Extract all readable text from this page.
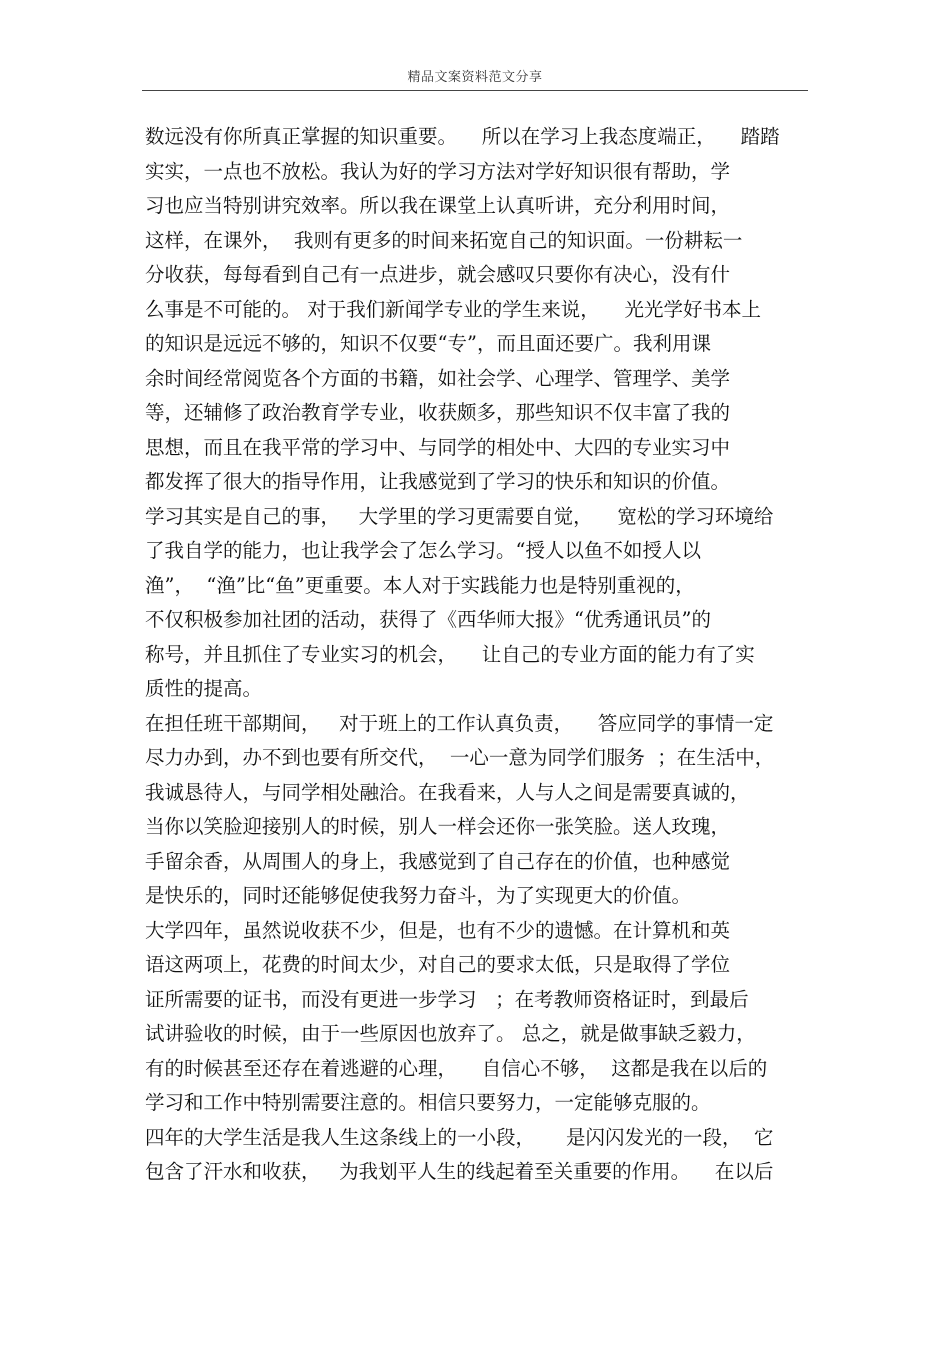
精品文案资料范文分享
数远没有你所真正掌握的知识重要。    所以在学习上我态度端正，    踏踏
实实，一点也不放松。我认为好的学习方法对学好知识很有帮助，学
习也应当特别讲究效率。所以我在课堂上认真听讲，充分利用时间，
这样，在课外，  我则有更多的时间来拓宽自己的知识面。一份耕耘一
分收获，每每看到自己有一点进步，就会感叹只要你有决心，没有什
么事是不可能的。 对于我们新闻学专业的学生来说，    光光学好书本上
的知识是远远不够的，知识不仅要“专”，而且面还要广。我利用课
余时间经常阅览各个方面的书籍，如社会学、心理学、管理学、美学
等，还辅修了政治教育学专业，收获颇多，那些知识不仅丰富了我的
思想，而且在我平常的学习中、与同学的相处中、大四的专业实习中
都发挥了很大的指导作用，让我感觉到了学习的快乐和知识的价值。
学习其实是自己的事，   大学里的学习更需要自觉，    宽松的学习环境给
了我自学的能力，也让我学会了怎么学习。“授人以鱼不如授人以
渔”，  “渔”比“鱼”更重要。本人对于实践能力也是特别重视的，
不仅积极参加社团的活动，获得了《西华师大报》“优秀通讯员”的
称号，并且抓住了专业实习的机会，    让自己的专业方面的能力有了实
质性的提高。
在担任班干部期间，   对于班上的工作认真负责，    答应同学的事情一定
尽力办到，办不到也要有所交代，  一心一意为同学们服务  ；在生活中，
我诚恳待人，与同学相处融洽。在我看来，人与人之间是需要真诚的，
当你以笑脸迎接别人的时候，别人一样会还你一张笑脸。送人玫瑰，
手留余香，从周围人的身上，我感觉到了自己存在的价值，也种感觉
是快乐的，同时还能够促使我努力奋斗，为了实现更大的价值。
大学四年，虽然说收获不少，但是，也有不少的遗憾。在计算机和英
语这两项上，花费的时间太少，对自己的要求太低，只是取得了学位
证所需要的证书，而没有更进一步学习   ；在考教师资格证时，到最后
试讲验收的时候，由于一些原因也放弃了。 总之，就是做事缺乏毅力，
有的时候甚至还存在着逃避的心理，    自信心不够，  这都是我在以后的
学习和工作中特别需要注意的。相信只要努力，一定能够克服的。
四年的大学生活是我人生这条线上的一小段，     是闪闪发光的一段，  它
包含了汗水和收获，   为我划平人生的线起着至关重要的作用。    在以后
